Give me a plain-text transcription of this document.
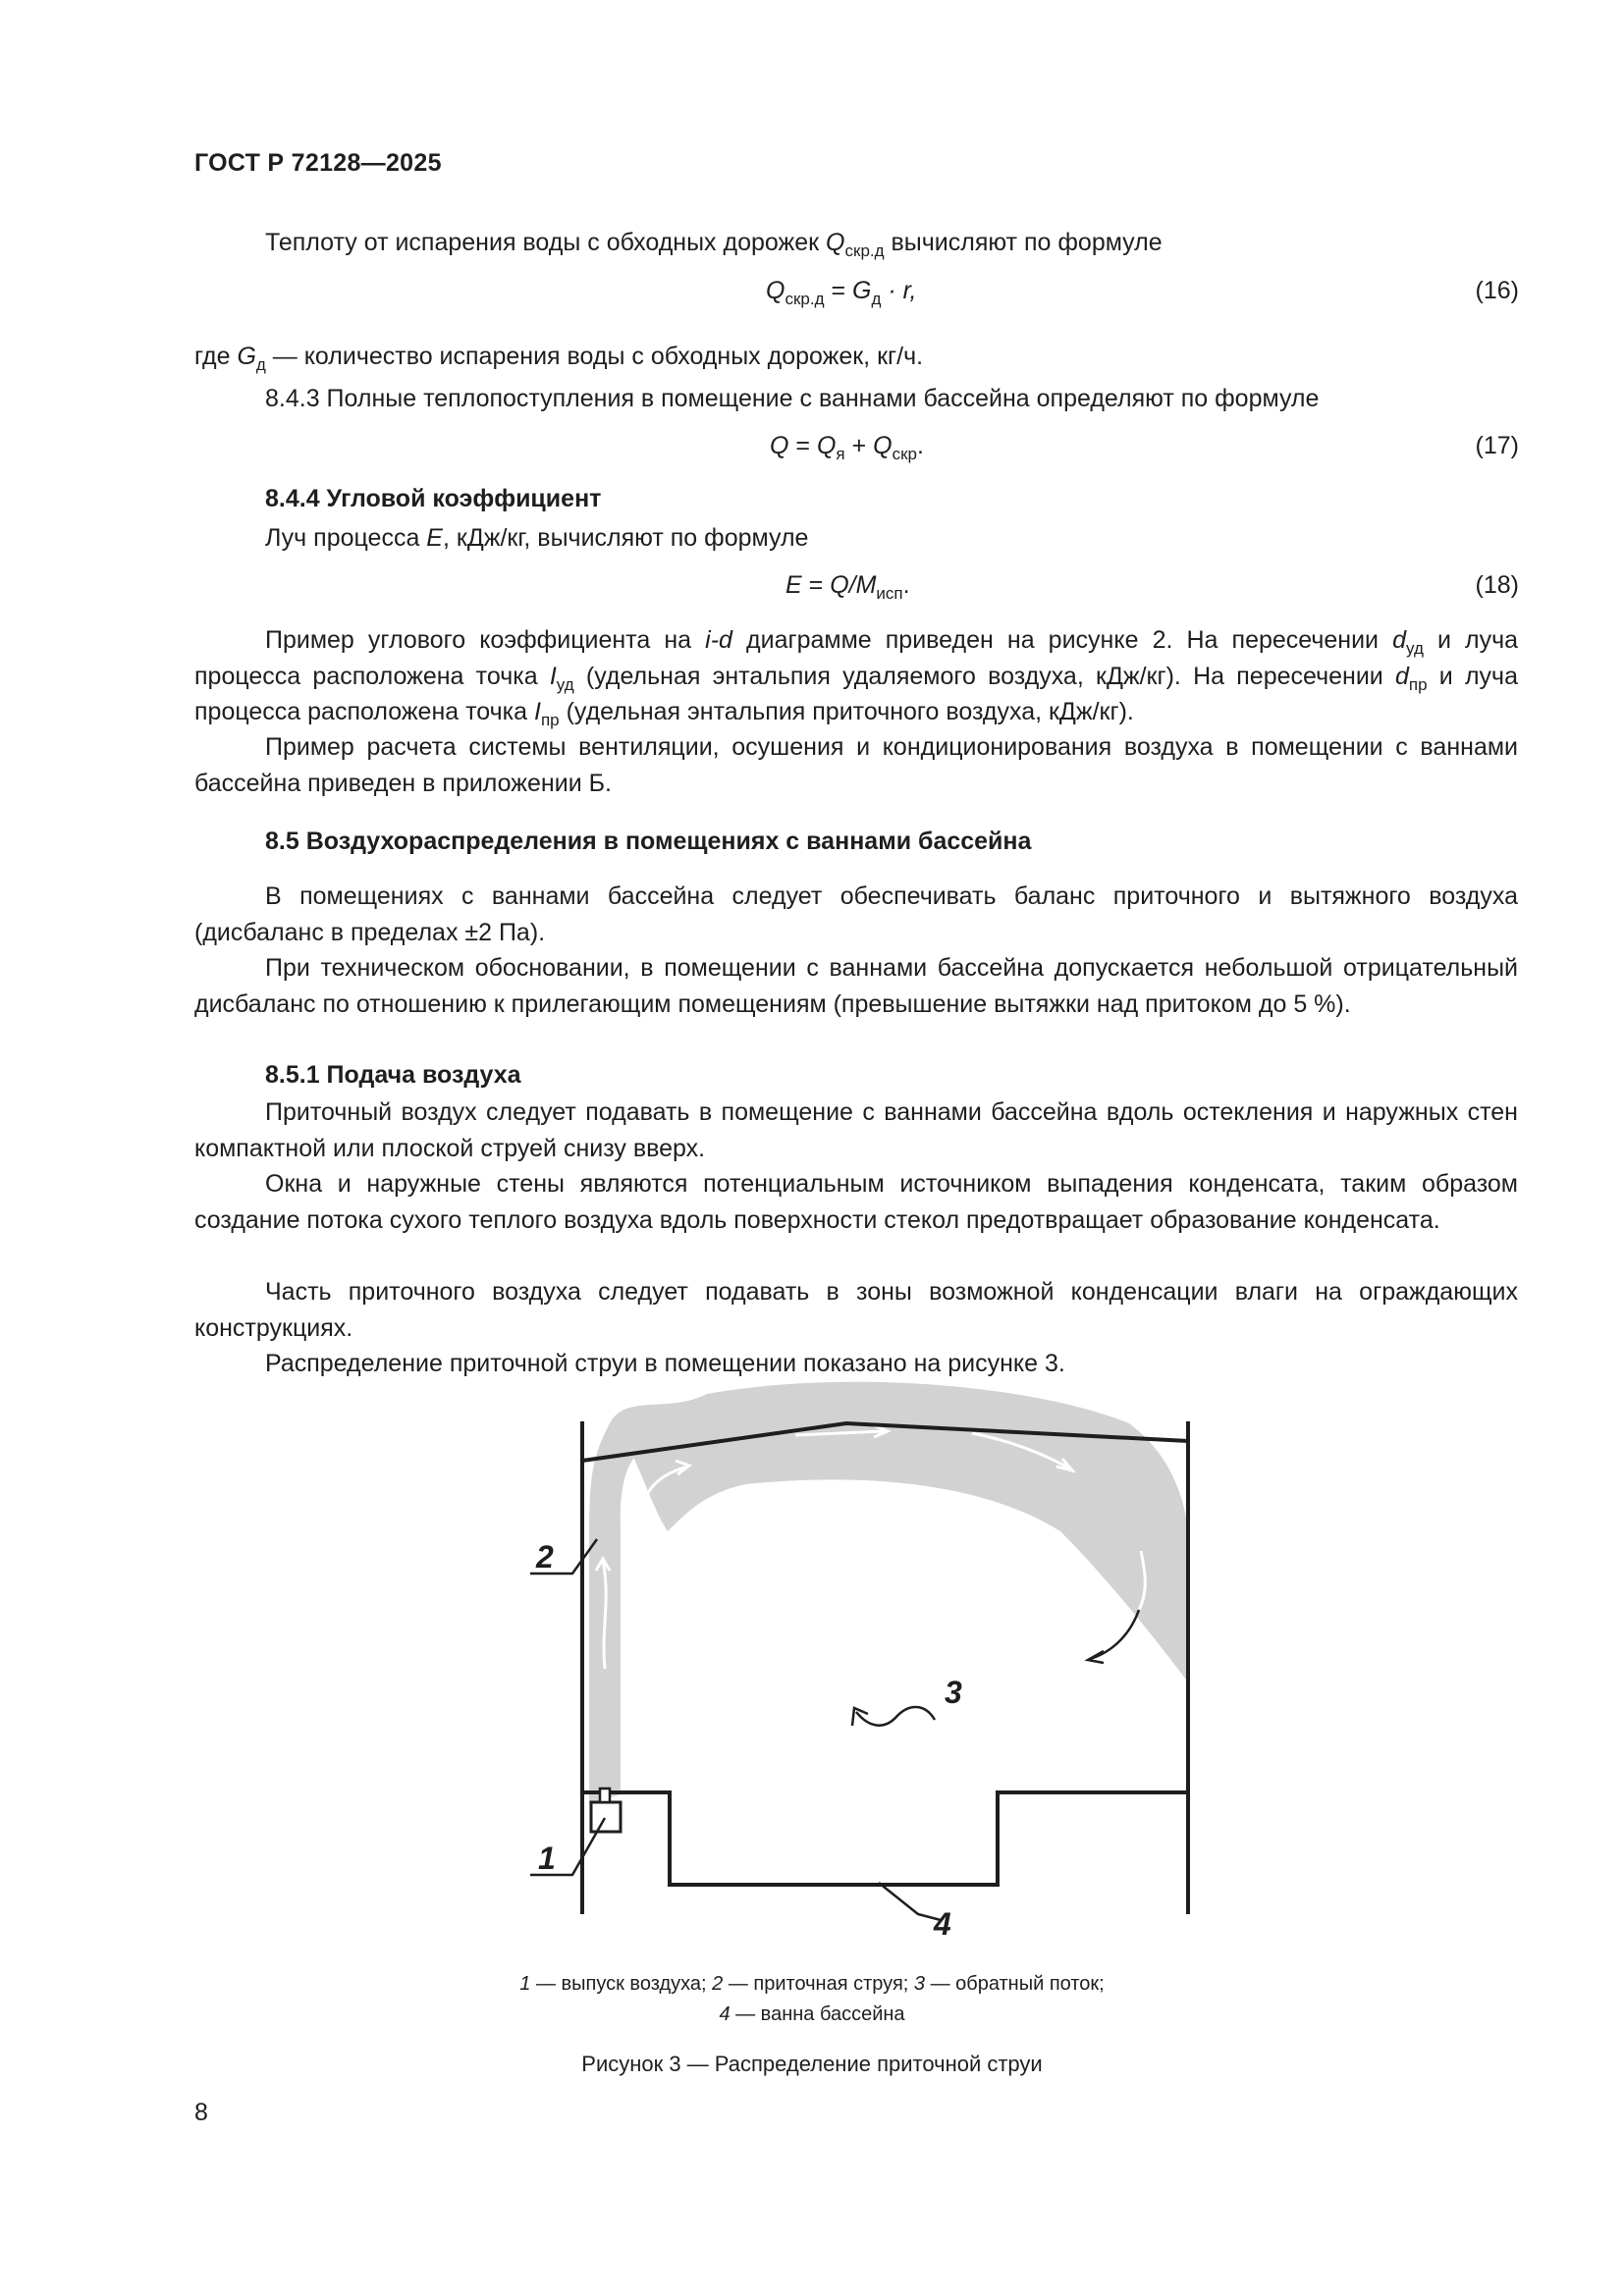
ГОСТ Р 72128—2025

Теплоту от испарения воды с обходных дорожек $Q_{скр.д}$ вычисляют по формуле

$Q_{скр.д} = G_д \cdot r$,	(16)

где $G_д$ — количество испарения воды с обходных дорожек, кг/ч.

8.4.3 Полные теплопоступления в помещение с ваннами бассейна определяют по формуле

$Q = Q_я + Q_{скр}$.	(17)

8.4.4 Угловой коэффициент

Луч процесса E, кДж/кг, вычисляют по формуле

$E = Q/M_{исп}$.	(18)

Пример углового коэффициента на i-d диаграмме приведен на рисунке 2. На пересечении $d_{уд}$ и луча процесса расположена точка $I_{уд}$ (удельная энтальпия удаляемого воздуха, кДж/кг). На пересечении $d_{пр}$ и луча процесса расположена точка $I_{пр}$ (удельная энтальпия приточного воздуха, кДж/кг).

Пример расчета системы вентиляции, осушения и кондиционирования воздуха в помещении с ваннами бассейна приведен в приложении Б.

8.5 Воздухораспределения в помещениях с ваннами бассейна

В помещениях с ваннами бассейна следует обеспечивать баланс приточного и вытяжного воздуха (дисбаланс в пределах ±2 Па).

При техническом обосновании, в помещении с ваннами бассейна допускается небольшой отрицательный дисбаланс по отношению к прилегающим помещениям (превышение вытяжки над притоком до 5 %).

8.5.1 Подача воздуха

Приточный воздух следует подавать в помещение с ваннами бассейна вдоль остекления и наружных стен компактной или плоской струей снизу вверх.

Окна и наружные стены являются потенциальным источником выпадения конденсата, таким образом создание потока сухого теплого воздуха вдоль поверхности стекол предотвращает образование конденсата.

Часть приточного воздуха следует подавать в зоны возможной конденсации влаги на ограждающих конструкциях.

Распределение приточной струи в помещении показано на рисунке 3.

2
1
3
4
1 — выпуск воздуха; 2 — приточная струя; 3 — обратный поток;
4 — ванна бассейна
Рисунок 3 — Распределение приточной струи
8
